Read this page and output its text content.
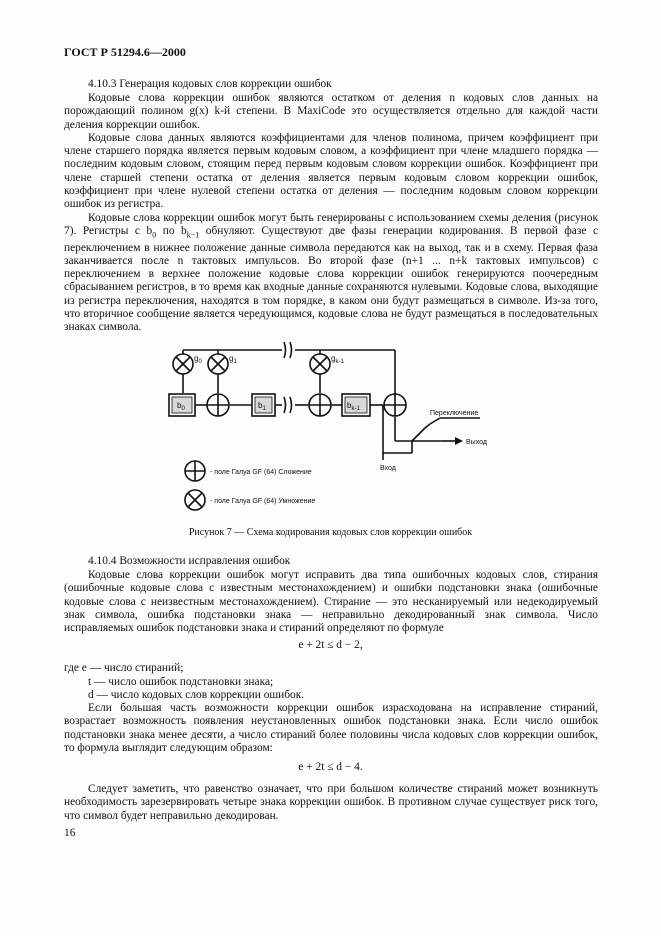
ГОСТ Р 51294.6—2000
4.10.3 Генерация кодовых слов коррекции ошибок

Кодовые слова коррекции ошибок являются остатком от деления n кодовых слов данных на порождающий полином g(x) k-й степени. В MaxiCode это осуществляется отдельно для каждой части деления коррекции ошибок.

Кодовые слова данных являются коэффициентами для членов полинома, причем коэффициент при члене старшего порядка является первым кодовым словом, а коэффициент при члене младшего порядка — последним кодовым словом, стоящим перед первым кодовым словом коррекции ошибок. Коэффициент при члене старшей степени остатка от деления является первым кодовым словом коррекции ошибок, коэффициент при члене нулевой степени остатка от деления — последним кодовым словом коррекции ошибок из регистра.

Кодовые слова коррекции ошибок могут быть генерированы с использованием схемы деления (рисунок 7). Регистры с $b_0$ по $b_{k-1}$ обнуляют. Существуют две фазы генерации кодирования. В первой фазе с переключением в нижнее положение данные символа передаются как на выход, так и в схему. Первая фаза заканчивается после n тактовых импульсов. Во второй фазе (n+1 ... n+k тактовых импульсов) с переключением в верхнее положение кодовые слова коррекции ошибок генерируются поочередным сбрасыванием регистров, в то время как входные данные сохраняются нулевыми. Кодовые слова, выходящие из регистра переключения, находятся в том порядке, в каком они будут размещаться в символе. Из-за того, что вторичное сообщение является чередующимся, кодовые слова не будут размещаться в последовательных знаках символа.

$g_0$	$g_1$	$g_{k-1}$
$b_0$	$b_1$	$b_{k-1}$
Переключение
Выход
Вход
- поле Галуа GF (64) Сложение
- поле Галуа GF (64) Умножение
Рисунок 7 — Схема кодирования кодовых слов коррекции ошибок
4.10.4 Возможности исправления ошибок

Кодовые слова коррекции ошибок могут исправить два типа ошибочных кодовых слов, стирания (ошибочные кодовые слова с известным местонахождением) и ошибки подстановки знака (ошибочные кодовые слова с неизвестным местонахождением). Стирание — это несканируемый или недекодируемый знак символа, ошибка подстановки знака — неправильно декодированный знак символа. Число исправляемых ошибок подстановки знака и стираний определяют по формуле

e + 2t ≤ d − 2,
где e — число стираний;
t — число ошибок подстановки знака;
d — число кодовых слов коррекции ошибок.

Если большая часть возможности коррекции ошибок израсходована на исправление стираний, возрастает возможность появления неустановленных ошибок подстановки знака. Если число ошибок подстановки знака менее десяти, а число стираний более половины числа кодовых слов коррекции ошибок, то формула выглядит следующим образом:

e + 2t ≤ d − 4.

Следует заметить, что равенство означает, что при большом количестве стираний может возникнуть необходимость зарезервировать четыре знака коррекции ошибок. В противном случае существует риск того, что символ будет неправильно декодирован.

16
